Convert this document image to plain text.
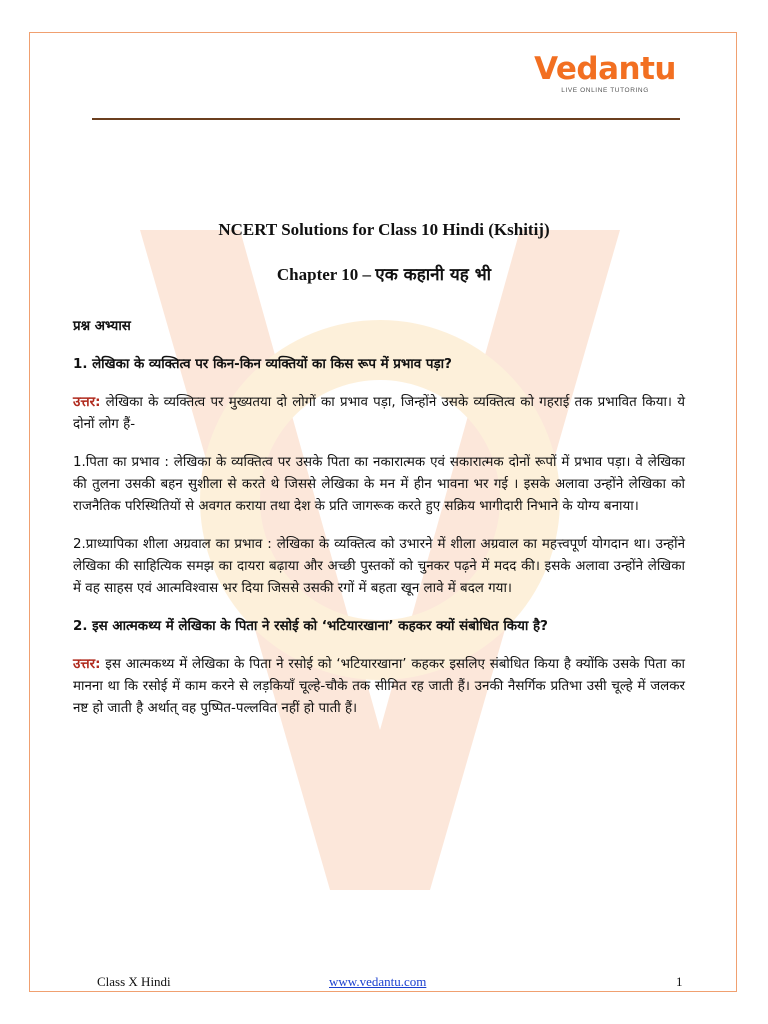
Vedantu
LIVE ONLINE TUTORING
NCERT Solutions for Class 10 Hindi (Kshitij)
Chapter 10 – एक कहानी यह भी

प्रश्न अभ्यास

1. लेखिका के व्यक्तित्व पर किन-किन व्यक्तियों का किस रूप में प्रभाव पड़ा?

उत्तर: लेखिका के व्यक्तित्व पर मुख्यतया दो लोगों का प्रभाव पड़ा, जिन्होंने उसके व्यक्तित्व को गहराई तक प्रभावित किया। ये दोनों लोग हैं-

1.पिता का प्रभाव : लेखिका के व्यक्तित्व पर उसके पिता का नकारात्मक एवं सकारात्मक दोनों रूपों में प्रभाव पड़ा। वे लेखिका की तुलना उसकी बहन सुशीला से करते थे जिससे लेखिका के मन में हीन भावना भर गई । इसके अलावा उन्होंने लेखिका को राजनैतिक परिस्थितियों से अवगत कराया तथा देश के प्रति जागरूक करते हुए सक्रिय भागीदारी निभाने के योग्य बनाया।

2.प्राध्यापिका शीला अग्रवाल का प्रभाव : लेखिका के व्यक्तित्व को उभारने में शीला अग्रवाल का महत्त्वपूर्ण योगदान था। उन्होंने लेखिका की साहित्यिक समझ का दायरा बढ़ाया और अच्छी पुस्तकों को चुनकर पढ़ने में मदद की। इसके अलावा उन्होंने लेखिका में वह साहस एवं आत्मविश्वास भर दिया जिससे उसकी रगों में बहता खून लावे में बदल गया।

2. इस आत्मकथ्य में लेखिका के पिता ने रसोई को ‘भटियारखाना’ कहकर क्यों संबोधित किया है?

उत्तर: इस आत्मकथ्य में लेखिका के पिता ने रसोई को ‘भटियारखाना’ कहकर इसलिए संबोधित किया है क्योंकि उसके पिता का मानना था कि रसोई में काम करने से लड़कियाँ चूल्हे-चौके तक सीमित रह जाती हैं। उनकी नैसर्गिक प्रतिभा उसी चूल्हे में जलकर नष्ट हो जाती है अर्थात् वह पुष्पित-पल्लवित नहीं हो पाती हैं।

Class X Hindi	www.vedantu.com	1
